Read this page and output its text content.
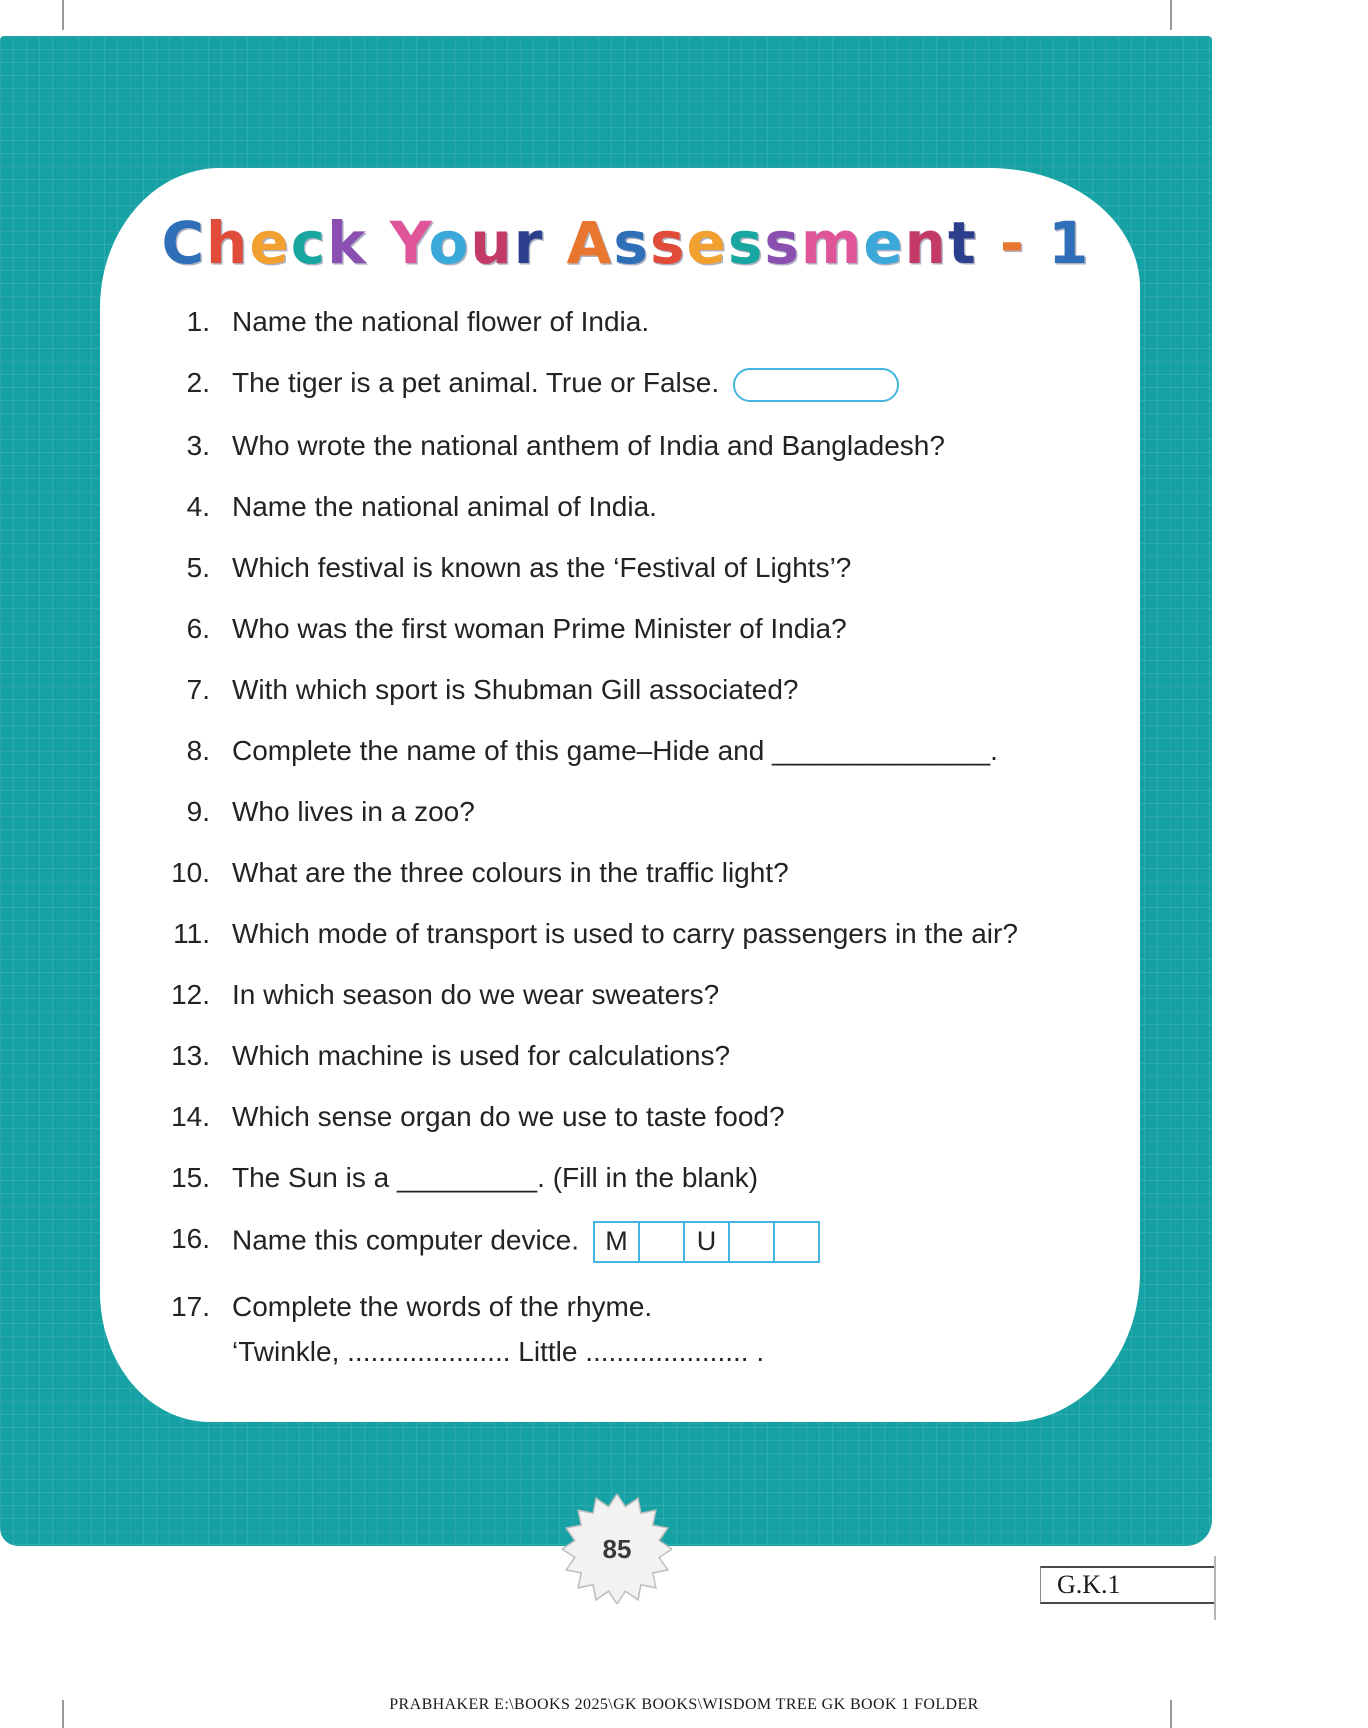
Check Your Assessment - 1
1. Name the national flower of India.
2. The tiger is a pet animal. True or False.
3. Who wrote the national anthem of India and Bangladesh?
4. Name the national animal of India.
5. Which festival is known as the ‘Festival of Lights’?
6. Who was the first woman Prime Minister of India?
7. With which sport is Shubman Gill associated?
8. Complete the name of this game–Hide and ______________.
9. Who lives in a zoo?
10. What are the three colours in the traffic light?
11. Which mode of transport is used to carry passengers in the air?
12. In which season do we wear sweaters?
13. Which machine is used for calculations?
14. Which sense organ do we use to taste food?
15. The Sun is a _________. (Fill in the blank)
16. Name this computer device. M	U
17. Complete the words of the rhyme.
‘Twinkle, ..................... Little ..................... .
85
G.K.1
PRABHAKER E:\BOOKS 2025\GK BOOKS\WISDOM TREE GK BOOK 1 FOLDER
